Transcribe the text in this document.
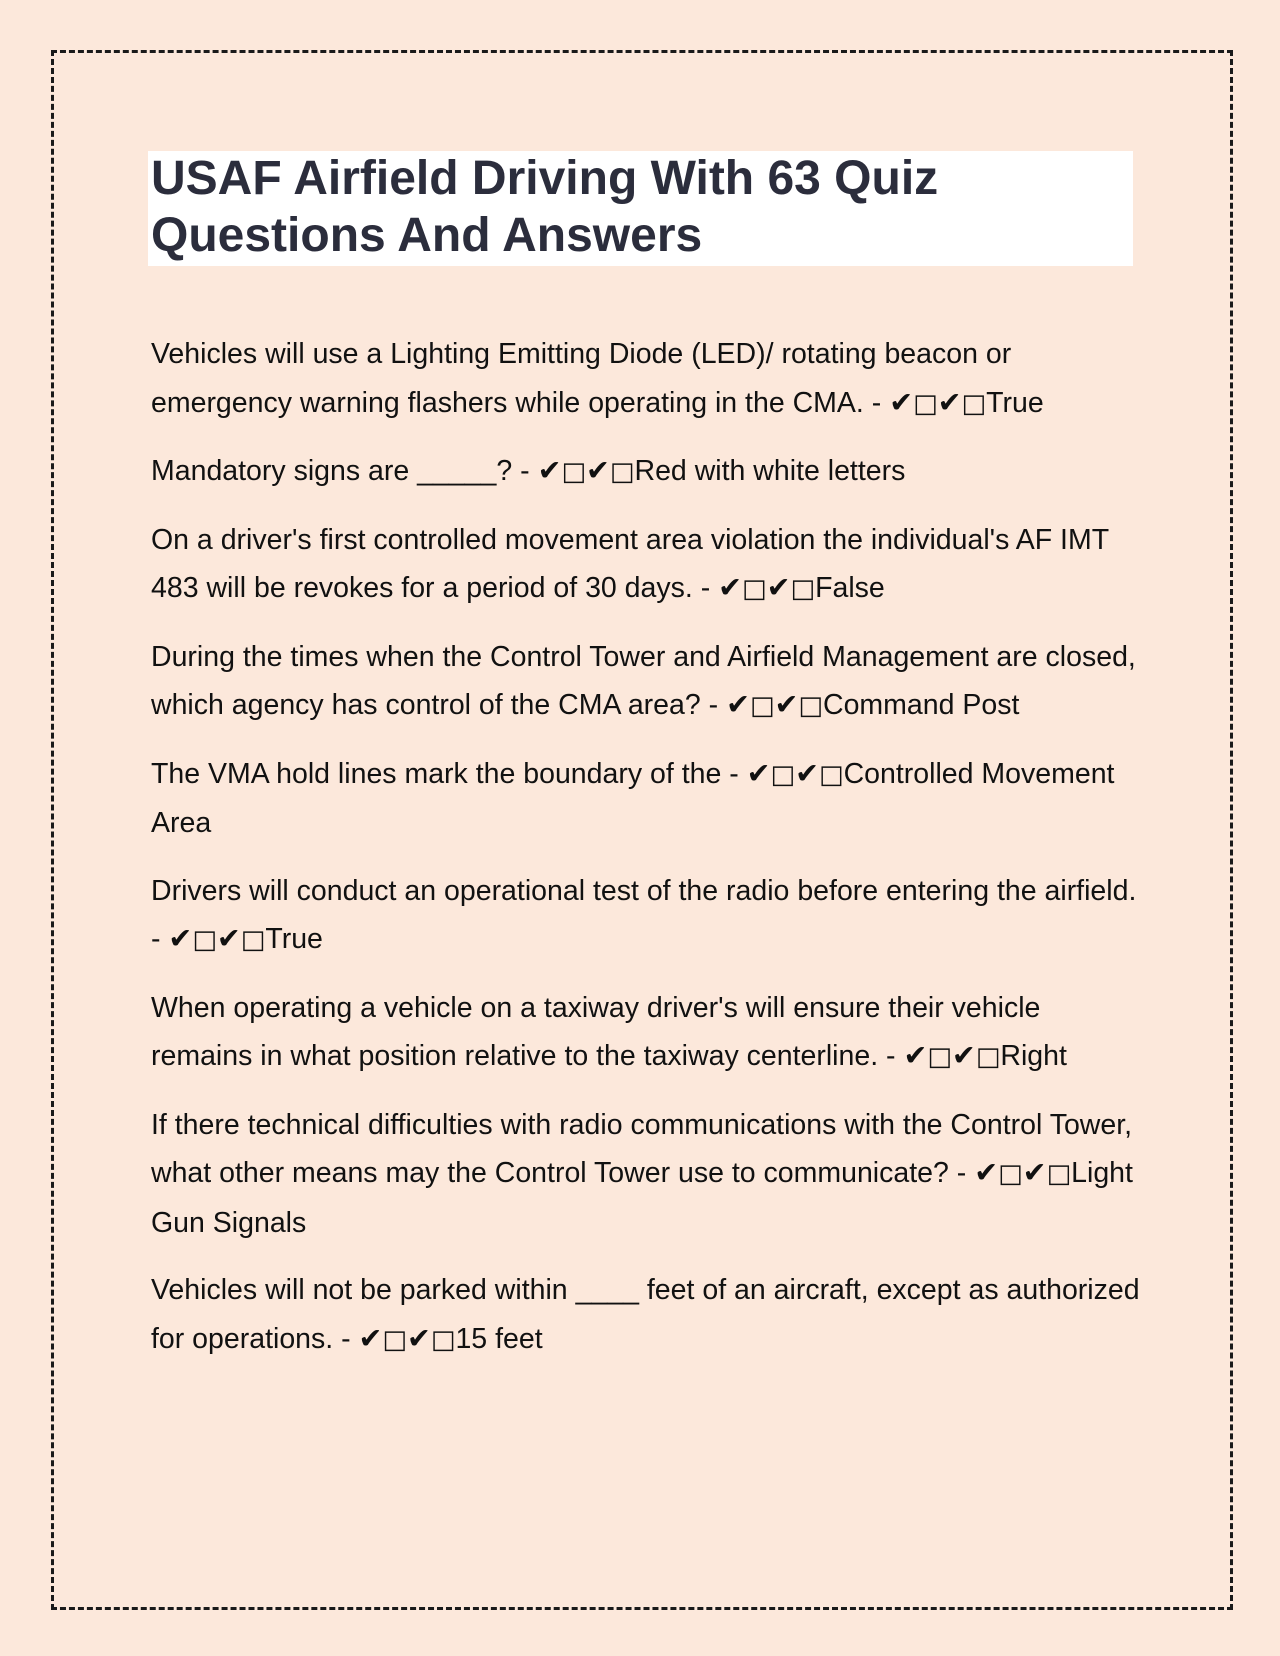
USAF Airfield Driving With 63 Quiz Questions And Answers

Vehicles will use a Lighting Emitting Diode (LED)/ rotating beacon or emergency warning flashers while operating in the CMA. - ✔□✔□True

Mandatory signs are _____? - ✔□✔□Red with white letters

On a driver's first controlled movement area violation the individual's AF IMT 483 will be revokes for a period of 30 days. - ✔□✔□False

During the times when the Control Tower and Airfield Management are closed, which agency has control of the CMA area? - ✔□✔□Command Post

The VMA hold lines mark the boundary of the - ✔□✔□Controlled Movement Area

Drivers will conduct an operational test of the radio before entering the airfield. - ✔□✔□True

When operating a vehicle on a taxiway driver's will ensure their vehicle remains in what position relative to the taxiway centerline. - ✔□✔□Right

If there technical difficulties with radio communications with the Control Tower, what other means may the Control Tower use to communicate? - ✔□✔□Light Gun Signals

Vehicles will not be parked within ____ feet of an aircraft, except as authorized for operations. - ✔□✔□15 feet
